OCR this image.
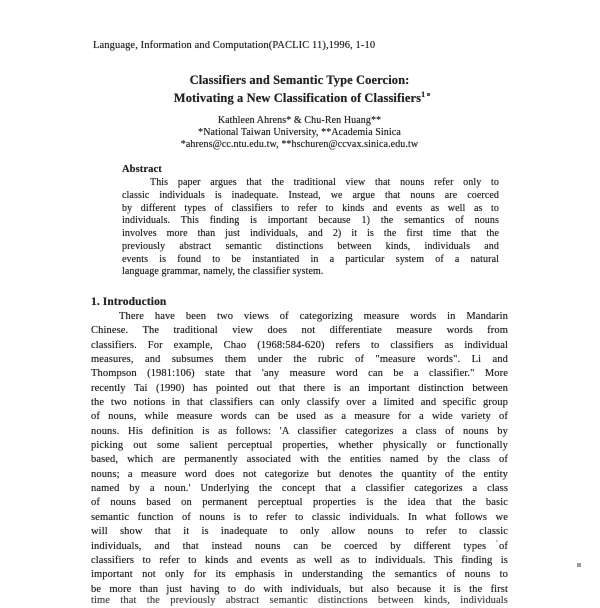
Language, Information and Computation(PACLIC 11),1996, 1-10
Classifiers and Semantic Type Coercion:
Motivating a New Classification of Classifiers$^1$
Kathleen Ahrens* & Chu-Ren Huang**
*National Taiwan University, **Academia Sinica
*ahrens@cc.ntu.edu.tw, **hschuren@ccvax.sinica.edu.tw
Abstract
This paper argues that the traditional view that nouns refer only to
classic individuals is inadequate. Instead, we argue that nouns are coerced
by different types of classifiers to refer to kinds and events as well as to
individuals. This finding is important because 1) the semantics of nouns
involves more than just individuals, and 2) it is the first time that the
previously abstract semantic distinctions between kinds, individuals and
events is found to be instantiated in a particular system of a natural
language grammar, namely, the classifier system.
1. Introduction
There have been two views of categorizing measure words in Mandarin
Chinese. The traditional view does not differentiate measure words from
classifiers. For example, Chao (1968:584-620) refers to classifiers as individual
measures, and subsumes them under the rubric of "measure words". Li and
Thompson (1981:106) state that 'any measure word can be a classifier." More
recently Tai (1990) has pointed out that there is an important distinction between
the two notions in that classifiers can only classify over a limited and specific group
of nouns, while measure words can be used as a measure for a wide variety of
nouns. His definition is as follows: 'A classifier categorizes a class of nouns by
picking out some salient perceptual properties, whether physically or functionally
based, which are permanently associated with the entities named by the class of
nouns; a measure word does not categorize but denotes the quantity of the entity
named by a noun.' Underlying the concept that a classifier categorizes a class
of nouns based on permanent perceptual properties is the idea that the basic
semantic function of nouns is to refer to classic individuals. In what follows we
will show that it is inadequate to only allow nouns to refer to classic
individuals, and that instead nouns can be coerced by different types of
classifiers to refer to kinds and events as well as to individuals. This finding is
important not only for its emphasis in understanding the semantics of nouns to
be more than just having to do with individuals, but also because it is the first
time that the previously abstract semantic distinctions between kinds, individuals
